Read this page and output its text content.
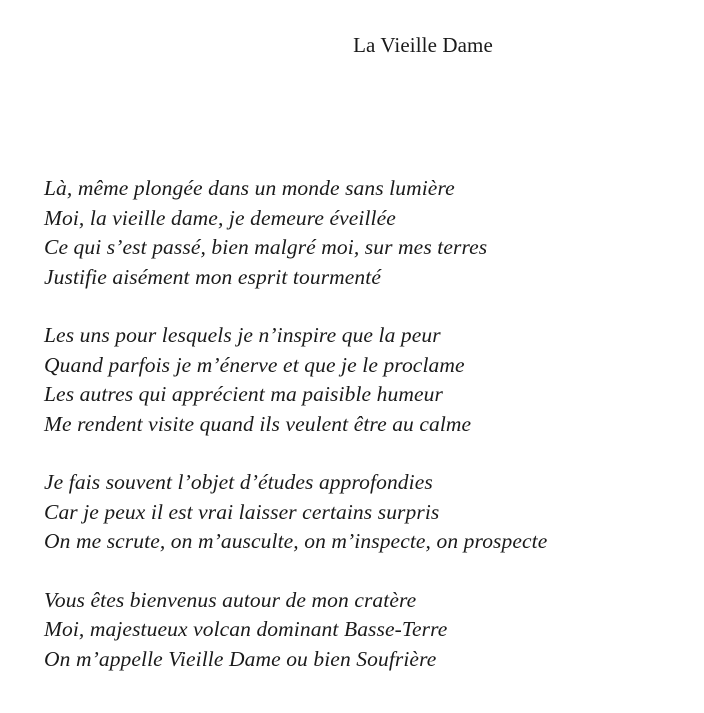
La Vieille Dame
Là, même plongée dans un monde sans lumière
Moi, la vieille dame, je demeure éveillée
Ce qui s’est passé, bien malgré moi, sur mes terres
Justifie aisément mon esprit tourmenté
Les uns pour lesquels je n’inspire que la peur
Quand parfois je m’énerve et que je le proclame
Les autres qui apprécient ma paisible humeur
Me rendent visite quand ils veulent être au calme
Je fais souvent l’objet d’études approfondies
Car je peux il est vrai laisser certains surpris
On me scrute, on m’ausculte, on m’inspecte, on prospecte
Vous êtes bienvenus autour de mon cratère
Moi, majestueux volcan dominant Basse-Terre
On m’appelle Vieille Dame ou bien Soufrière
